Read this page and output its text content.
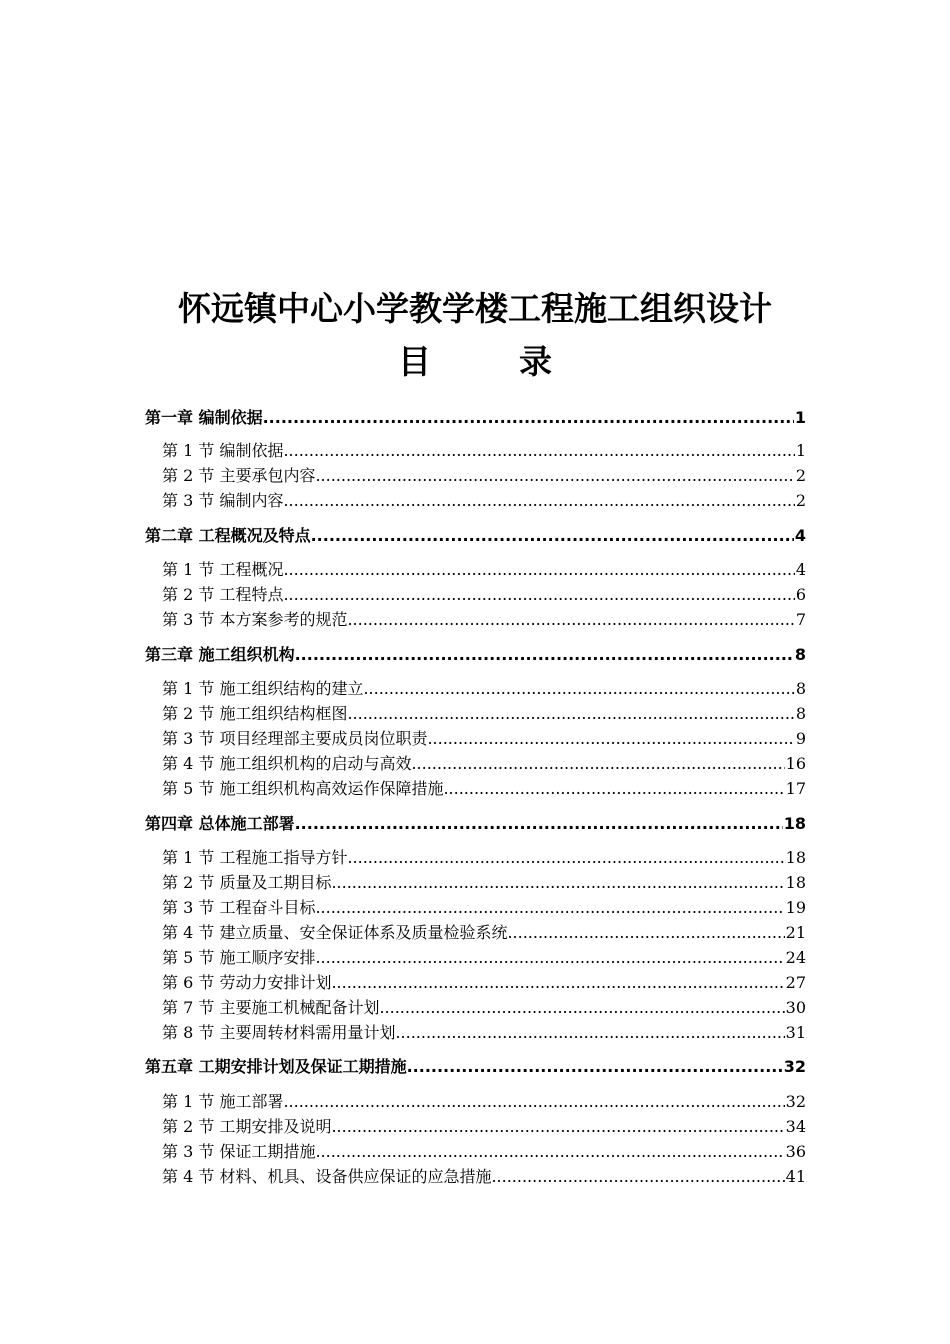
怀远镇中心小学教学楼工程施工组织设计
目	录
第一章 编制依据 .....	1
第 1 节 编制依据 .....	1
第 2 节 主要承包内容 .....	2
第 3 节 编制内容 .....	2
第二章 工程概况及特点 .....	4
第 1 节 工程概况 .....	4
第 2 节 工程特点 .....	6
第 3 节 本方案参考的规范 .....	7
第三章 施工组织机构 .....	8
第 1 节 施工组织结构的建立 .....	8
第 2 节 施工组织结构框图 .....	8
第 3 节 项目经理部主要成员岗位职责 .....	9
第 4 节 施工组织机构的启动与高效 .....	16
第 5 节 施工组织机构高效运作保障措施 .....	17
第四章 总体施工部署 .....	18
第 1 节 工程施工指导方针 .....	18
第 2 节 质量及工期目标 .....	18
第 3 节 工程奋斗目标 .....	19
第 4 节 建立质量、安全保证体系及质量检验系统 .....	21
第 5 节 施工顺序安排 .....	24
第 6 节 劳动力安排计划 .....	27
第 7 节 主要施工机械配备计划 .....	30
第 8 节 主要周转材料需用量计划 .....	31
第五章 工期安排计划及保证工期措施 .....	32
第 1 节 施工部署 .....	32
第 2 节 工期安排及说明 .....	34
第 3 节 保证工期措施 .....	36
第 4 节 材料、机具、设备供应保证的应急措施 .....	41
